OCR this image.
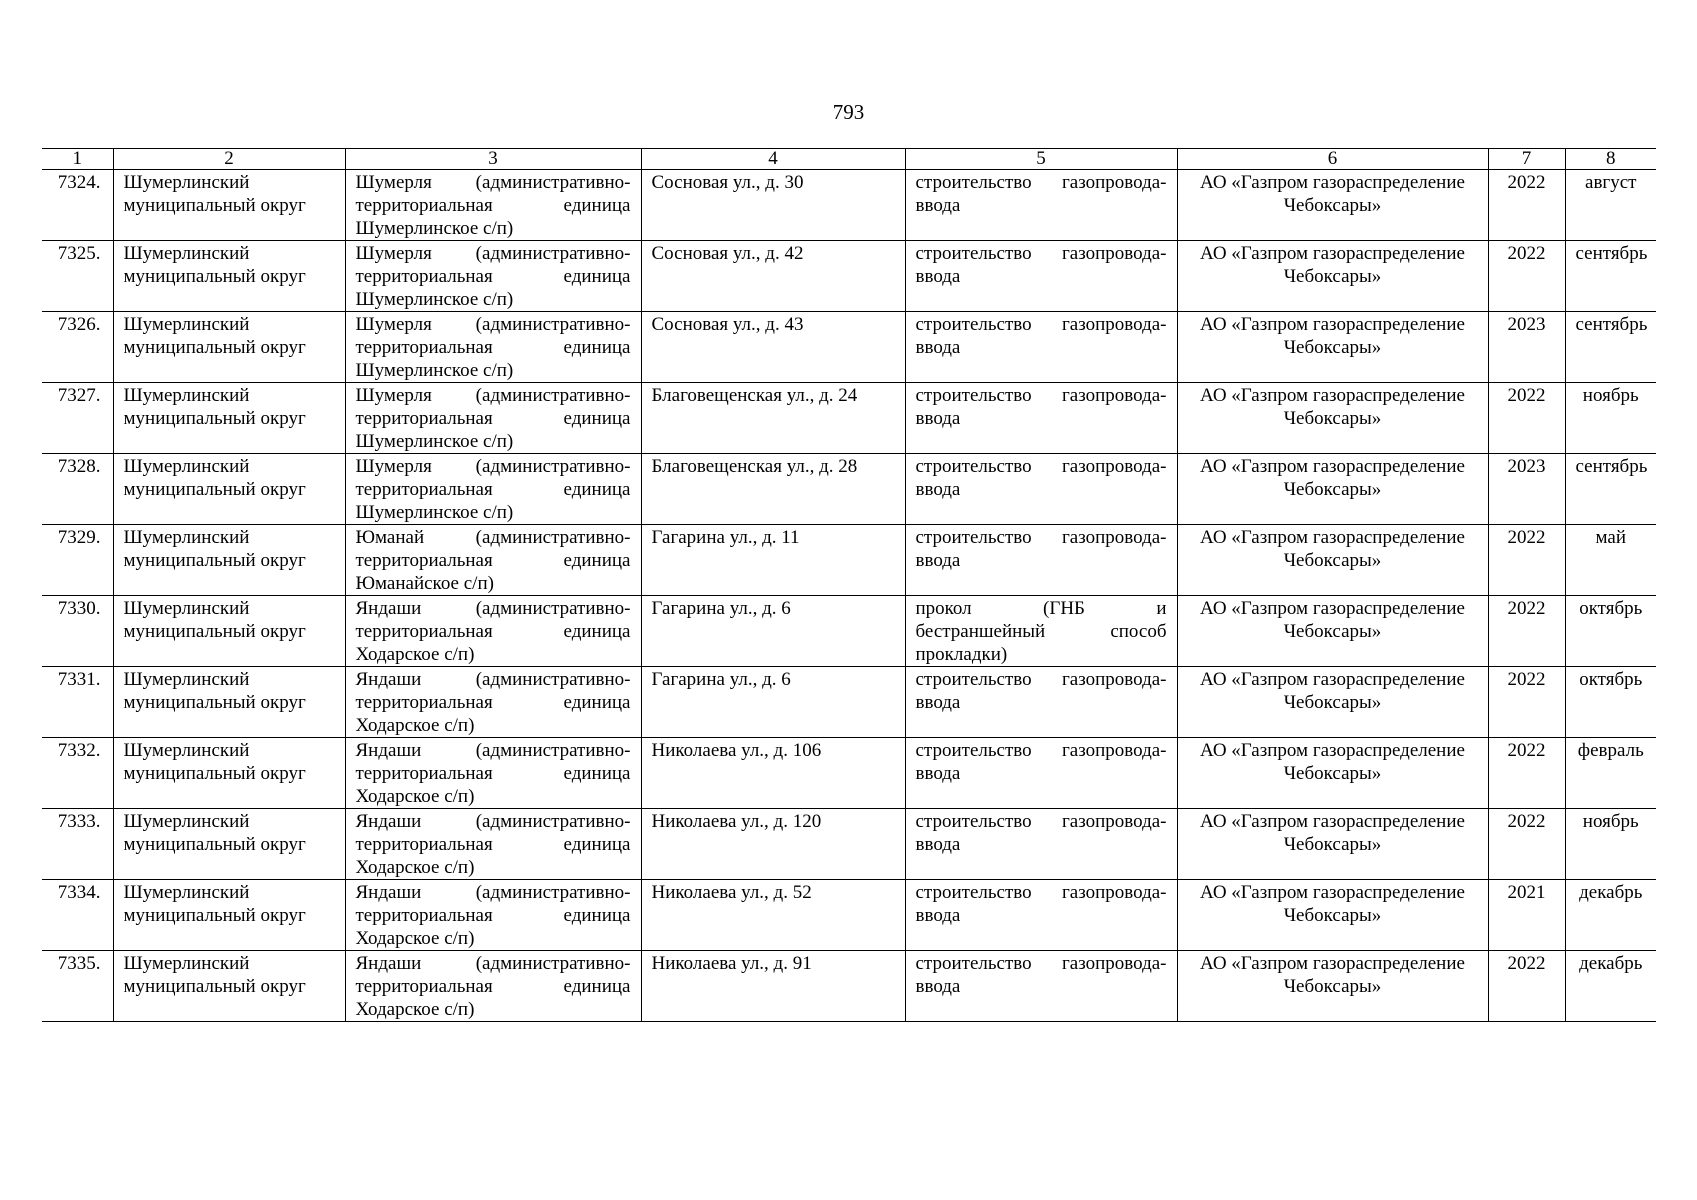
793
1	2	3	4	5	6	7	8
7324.	Шумерлинский муниципальный округ	Шумерля (административно-территориальная единица Шумерлинское с/п)	Сосновая ул., д. 30	строительство газопровода-ввода	АО «Газпром газораспределение Чебоксары»	2022	август
7325.	Шумерлинский муниципальный округ	Шумерля (административно-территориальная единица Шумерлинское с/п)	Сосновая ул., д. 42	строительство газопровода-ввода	АО «Газпром газораспределение Чебоксары»	2022	сентябрь
7326.	Шумерлинский муниципальный округ	Шумерля (административно-территориальная единица Шумерлинское с/п)	Сосновая ул., д. 43	строительство газопровода-ввода	АО «Газпром газораспределение Чебоксары»	2023	сентябрь
7327.	Шумерлинский муниципальный округ	Шумерля (административно-территориальная единица Шумерлинское с/п)	Благовещенская ул., д. 24	строительство газопровода-ввода	АО «Газпром газораспределение Чебоксары»	2022	ноябрь
7328.	Шумерлинский муниципальный округ	Шумерля (административно-территориальная единица Шумерлинское с/п)	Благовещенская ул., д. 28	строительство газопровода-ввода	АО «Газпром газораспределение Чебоксары»	2023	сентябрь
7329.	Шумерлинский муниципальный округ	Юманай (административно-территориальная единица Юманайское с/п)	Гагарина ул., д. 11	строительство газопровода-ввода	АО «Газпром газораспределение Чебоксары»	2022	май
7330.	Шумерлинский муниципальный округ	Яндаши (административно-территориальная единица Ходарское с/п)	Гагарина ул., д. 6	прокол (ГНБ и бестраншейный способ прокладки)	АО «Газпром газораспределение Чебоксары»	2022	октябрь
7331.	Шумерлинский муниципальный округ	Яндаши (административно-территориальная единица Ходарское с/п)	Гагарина ул., д. 6	строительство газопровода-ввода	АО «Газпром газораспределение Чебоксары»	2022	октябрь
7332.	Шумерлинский муниципальный округ	Яндаши (административно-территориальная единица Ходарское с/п)	Николаева ул., д. 106	строительство газопровода-ввода	АО «Газпром газораспределение Чебоксары»	2022	февраль
7333.	Шумерлинский муниципальный округ	Яндаши (административно-территориальная единица Ходарское с/п)	Николаева ул., д. 120	строительство газопровода-ввода	АО «Газпром газораспределение Чебоксары»	2022	ноябрь
7334.	Шумерлинский муниципальный округ	Яндаши (административно-территориальная единица Ходарское с/п)	Николаева ул., д. 52	строительство газопровода-ввода	АО «Газпром газораспределение Чебоксары»	2021	декабрь
7335.	Шумерлинский муниципальный округ	Яндаши (административно-территориальная единица Ходарское с/п)	Николаева ул., д. 91	строительство газопровода-ввода	АО «Газпром газораспределение Чебоксары»	2022	декабрь
